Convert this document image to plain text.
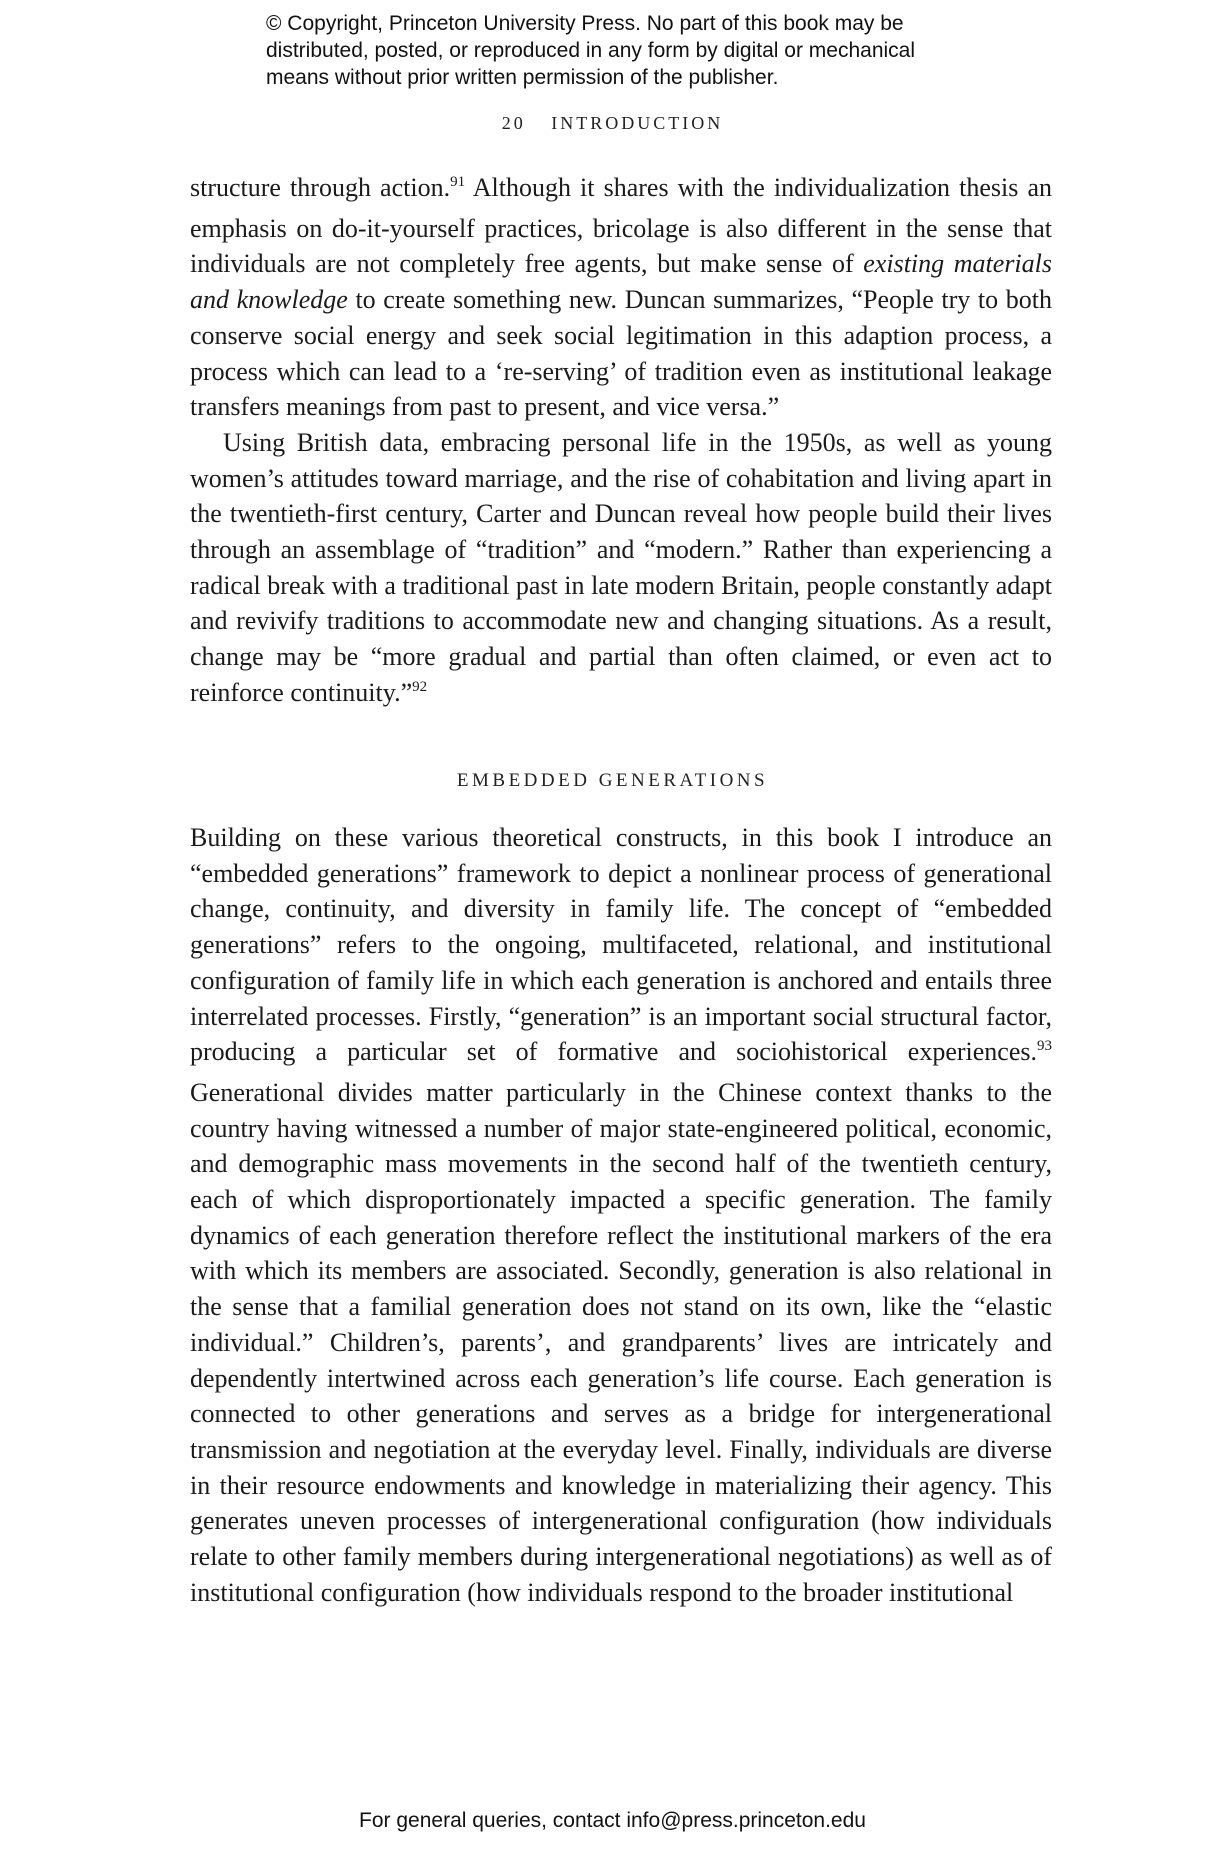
© Copyright, Princeton University Press. No part of this book may be
distributed, posted, or reproduced in any form by digital or mechanical
means without prior written permission of the publisher.
20 INTRODUCTION

structure through action.$^{91}$ Although it shares with the individualization thesis an emphasis on do-it-yourself practices, bricolage is also different in the sense that individuals are not completely free agents, but make sense of existing materials and knowledge to create something new. Duncan summarizes, “People try to both conserve social energy and seek social legitimation in this adaption process, a process which can lead to a ‘re-serving’ of tradition even as institutional leakage transfers meanings from past to present, and vice versa.”

Using British data, embracing personal life in the 1950s, as well as young women’s attitudes toward marriage, and the rise of cohabitation and living apart in the twentieth-first century, Carter and Duncan reveal how people build their lives through an assemblage of “tradition” and “modern.” Rather than experiencing a radical break with a traditional past in late modern Britain, people constantly adapt and revivify traditions to accommodate new and changing situations. As a result, change may be “more gradual and partial than often claimed, or even act to reinforce continuity.”$^{92}$

EMBEDDED GENERATIONS

Building on these various theoretical constructs, in this book I introduce an “embedded generations” framework to depict a nonlinear process of generational change, continuity, and diversity in family life. The concept of “embedded generations” refers to the ongoing, multifaceted, relational, and institutional configuration of family life in which each generation is anchored and entails three interrelated processes. Firstly, “generation” is an important social structural factor, producing a particular set of formative and sociohistorical experiences.$^{93}$ Generational divides matter particularly in the Chinese context thanks to the country having witnessed a number of major state-engineered political, economic, and demographic mass movements in the second half of the twentieth century, each of which disproportionately impacted a specific generation. The family dynamics of each generation therefore reflect the institutional markers of the era with which its members are associated. Secondly, generation is also relational in the sense that a familial generation does not stand on its own, like the “elastic individual.” Children’s, parents’, and grandparents’ lives are intricately and dependently intertwined across each generation’s life course. Each generation is connected to other generations and serves as a bridge for intergenerational transmission and negotiation at the everyday level. Finally, individuals are diverse in their resource endowments and knowledge in materializing their agency. This generates uneven processes of intergenerational configuration (how individuals relate to other family members during intergenerational negotiations) as well as of institutional configuration (how individuals respond to the broader institutional

For general queries, contact info@press.princeton.edu
